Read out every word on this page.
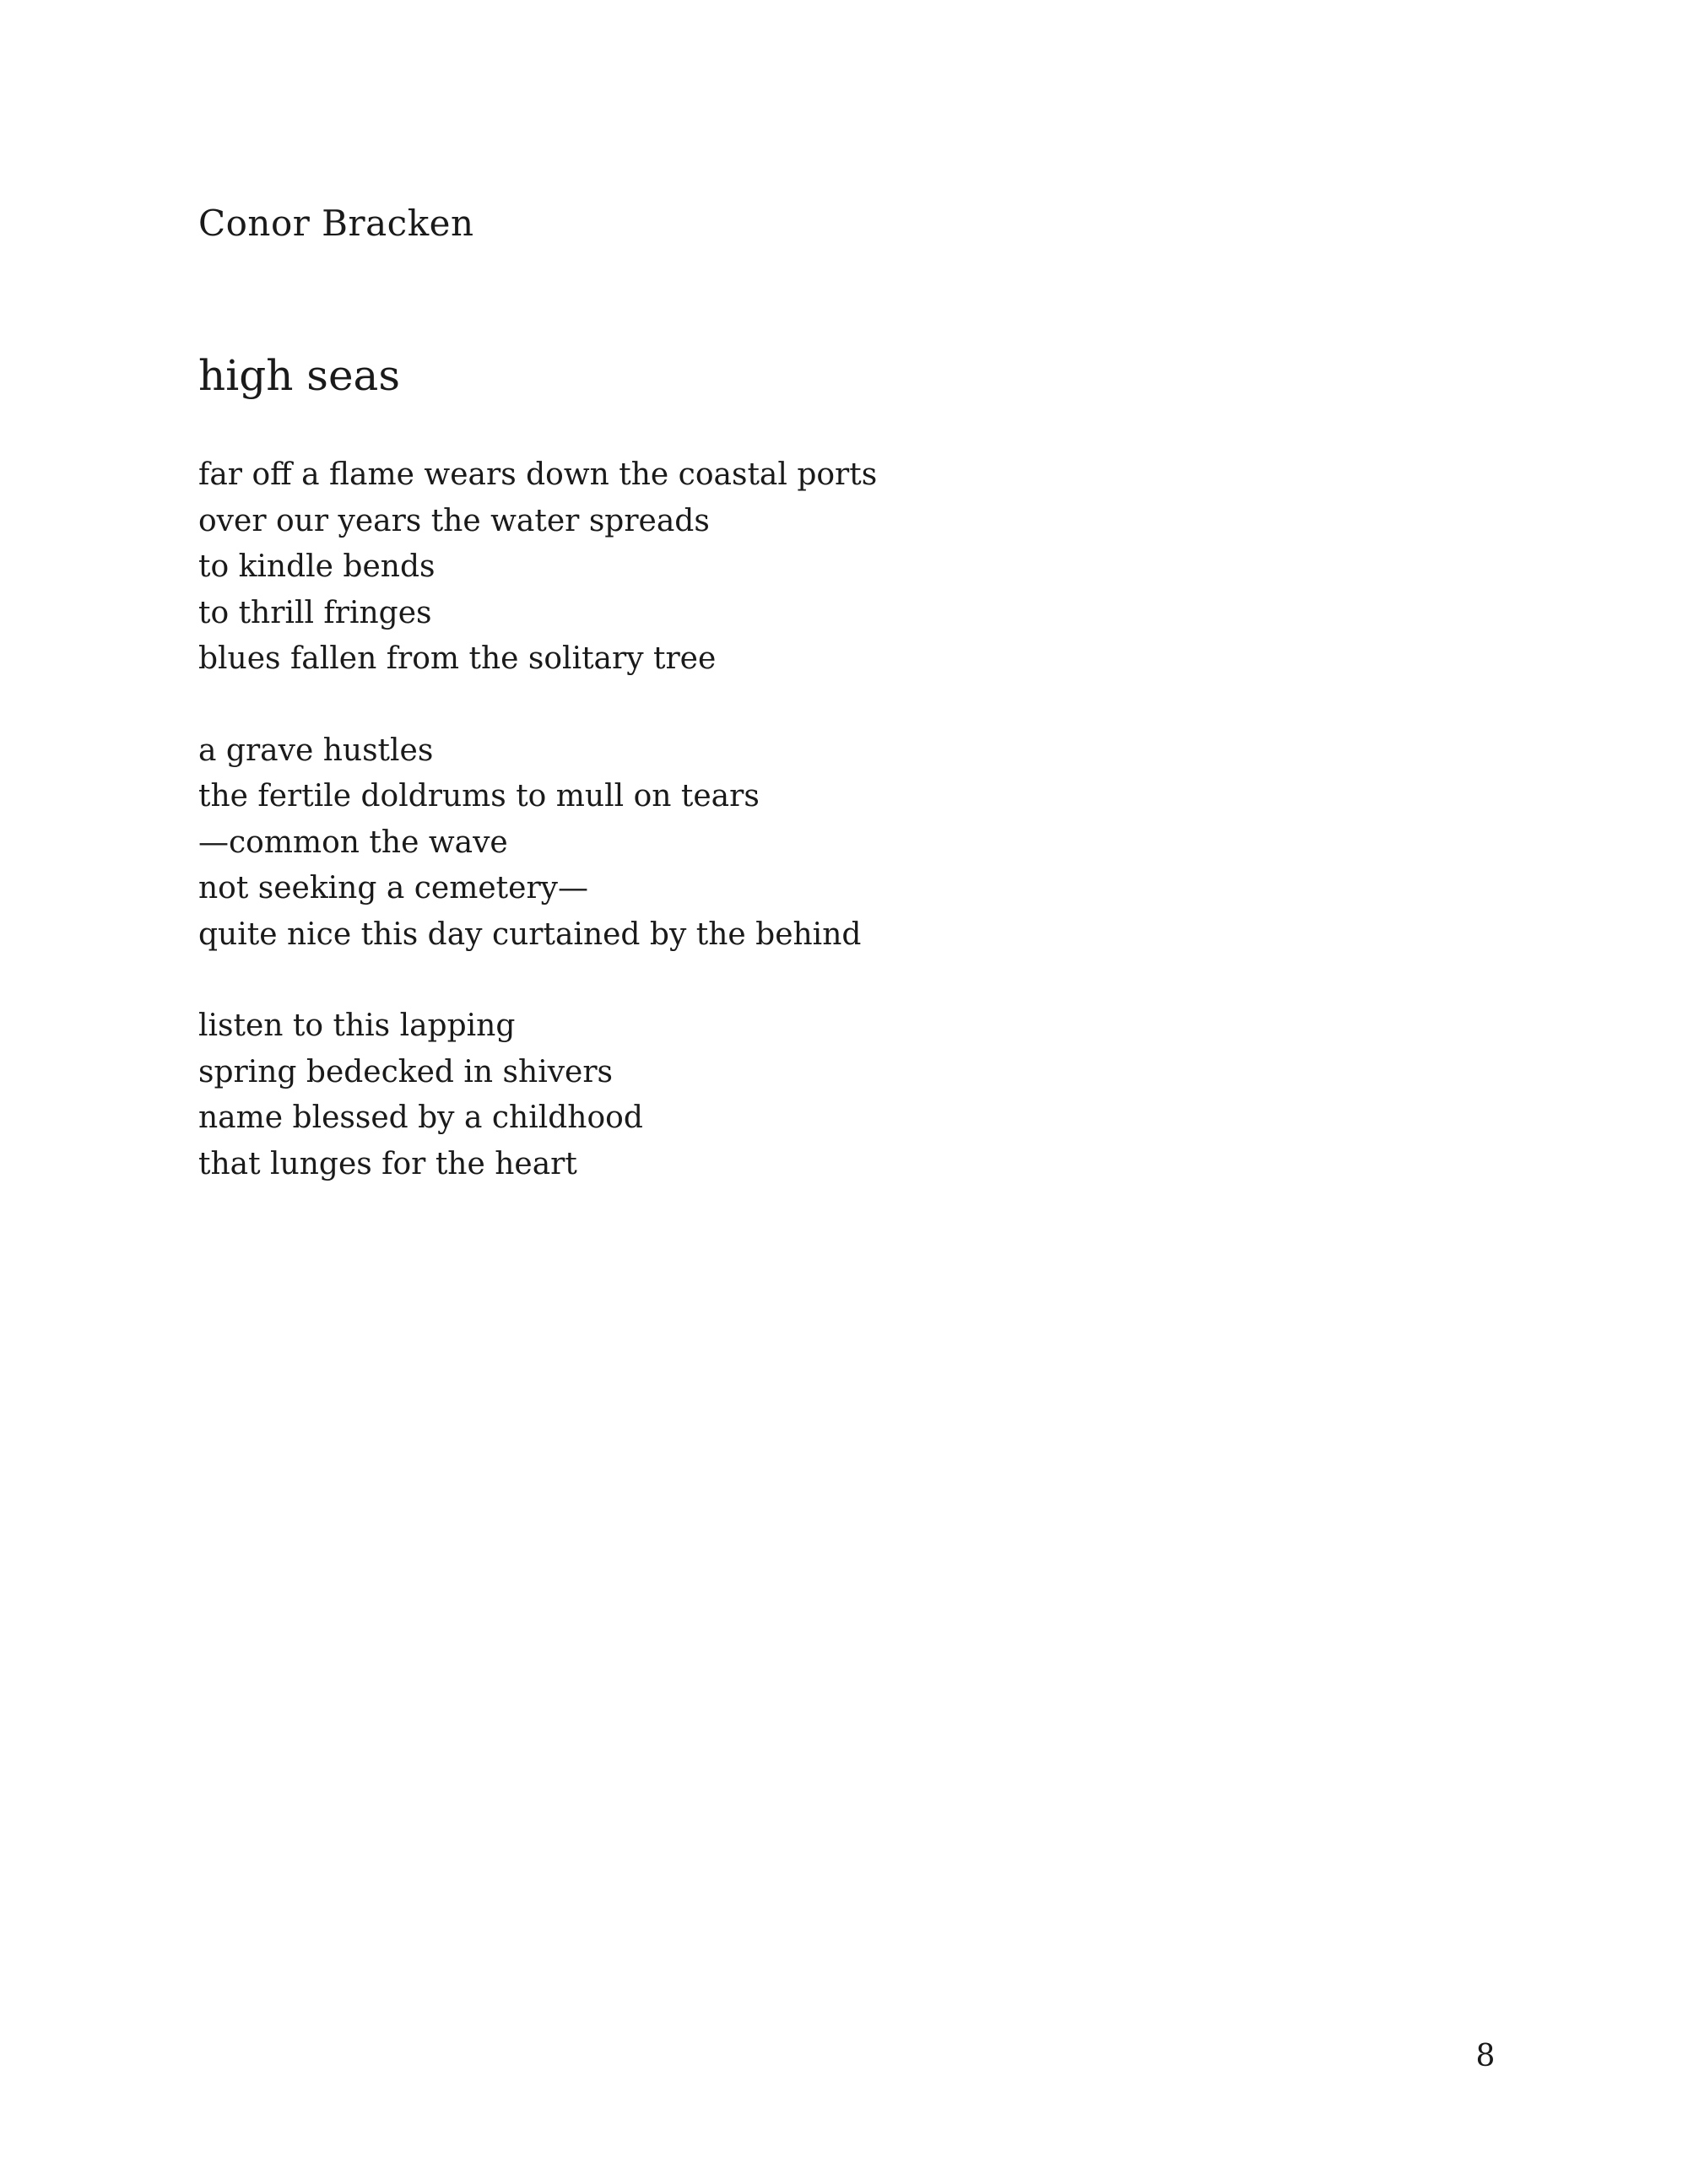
Conor Bracken

high seas
far off a flame wears down the coastal ports
over our years the water spreads
to kindle bends
to thrill fringes
blues fallen from the solitary tree
a grave hustles
the fertile doldrums to mull on tears
—common the wave
not seeking a cemetery—
quite nice this day curtained by the behind
listen to this lapping
spring bedecked in shivers
name blessed by a childhood
that lunges for the heart
8
